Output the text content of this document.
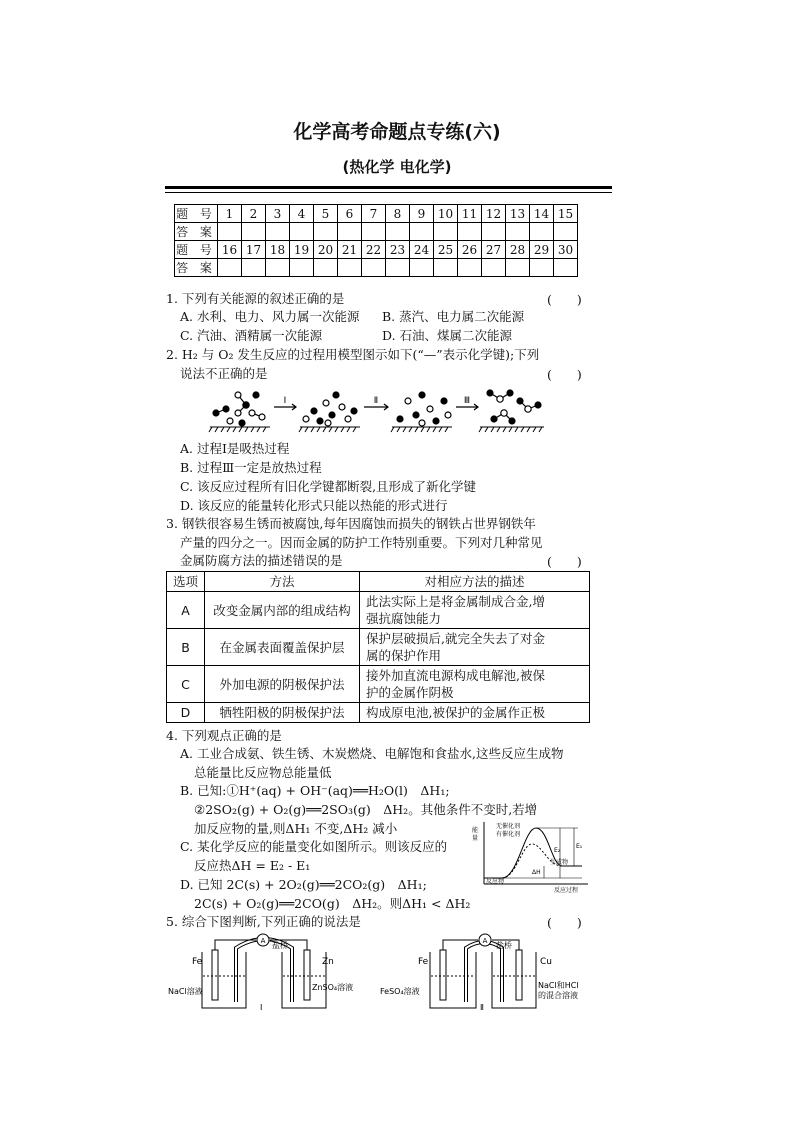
化学高考命题点专练(六)
(热化学 电化学)
题 号	1	2	3	4	5	6	7	8	9	10	11	12	13	14	15
答 案															
题 号	16	17	18	19	20	21	22	23	24	25	26	27	28	29	30
答 案															
1. 下列有关能源的叙述正确的是	(　　)
A. 水利、电力、风力属一次能源 B. 蒸汽、电力属二次能源
C. 汽油、酒精属一次能源	D. 石油、煤属二次能源
2. H₂ 与 O₂ 发生反应的过程用模型图示如下(“—”表示化学键);下列
说法不正确的是	(　　)
Ⅰ	Ⅱ	Ⅲ
A. 过程Ⅰ是吸热过程
B. 过程Ⅲ一定是放热过程
C. 该反应过程所有旧化学键都断裂,且形成了新化学键
D. 该反应的能量转化形式只能以热能的形式进行
3. 钢铁很容易生锈而被腐蚀,每年因腐蚀而损失的钢铁占世界钢铁年
产量的四分之一。因而金属的防护工作特别重要。下列对几种常见
金属防腐方法的描述错误的是	(　　)
选项	方法	对相应方法的描述
A	改变金属内部的组成结构	此法实际上是将金属制成合金,增
强抗腐蚀能力
B	在金属表面覆盖保护层	保护层破损后,就完全失去了对金
属的保护作用
C	外加电源的阴极保护法	接外加直流电源构成电解池,被保
护的金属作阴极
D	牺牲阳极的阴极保护法	构成原电池,被保护的金属作正极
4. 下列观点正确的是
A. 工业合成氨、铁生锈、木炭燃烧、电解饱和食盐水,这些反应生成物
总能量比反应物总能量低
B. 已知:①H⁺(aq) + OH⁻(aq)══H₂O(l)　ΔH₁;
②2SO₂(g) + O₂(g)══2SO₃(g)　ΔH₂。其他条件不变时,若增
加反应物的量,则ΔH₁ 不变,ΔH₂ 减小
C. 某化学反应的能量变化如图所示。则该反应的
反应热ΔH = E₂ - E₁
D. 已知 2C(s) + 2O₂(g)══2CO₂(g)　ΔH₁;
2C(s) + O₂(g)══2CO(g)　ΔH₂。则ΔH₁ < ΔH₂
能
量
无催化剂
有催化剂
E₂
E₁
ΔH
生成物
反应物
反应过程
5. 综合下图判断,下列正确的说法是	(　　)
A 盐桥
Fe	Zn
NaCl溶液	ZnSO₄溶液
Ⅰ
A 盐桥
Fe	Cu
FeSO₄溶液
NaCl和HCl
的混合溶液
Ⅱ
